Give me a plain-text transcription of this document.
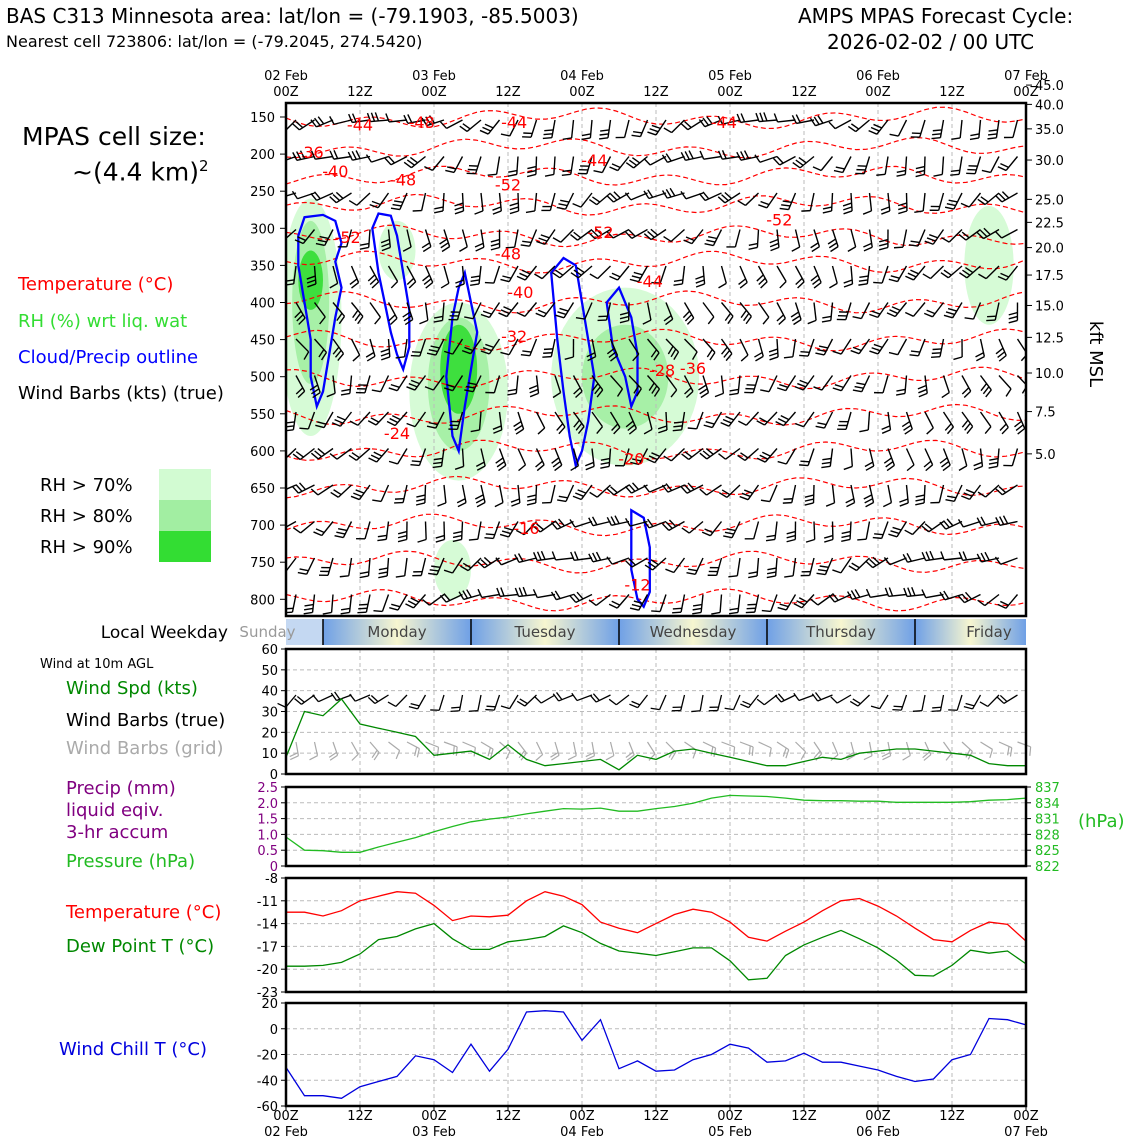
BAS C313 Minnesota area: lat/lon = (-79.1903, -85.5003)
Nearest cell 723806: lat/lon = (-79.2045, 274.5420)
AMPS MPAS Forecast Cycle:
2026-02-02 / 00 UTC
MPAS cell size:
~(4.4 km)$^2$
Temperature (°C)
RH (%) wrt liq. wat
Cloud/Precip outline
Wind Barbs (kts) (true)
RH > 70%
RH > 80%
RH > 90%
02 Feb	03 Feb	04 Feb	05 Feb	06 Feb	07 Feb
00Z	12Z	00Z	12Z	00Z	12Z	00Z	12Z	00Z	12Z	00Z
-44
-36
-40
-48	-44
-48	-52
-52
-44
-52
-48
-40
-44
-52
-44
-32
-36
-28
-24
-20
-16
-12
150
200
250
300
350
400
450
500
550
600
650
700
750
800
45.0
40.0
35.0
30.0
25.0
22.5
20.0
17.5
15.0
12.5
10.0
7.5
5.0
kft MSL
Local Weekday Sunday	Monday	Tuesday	Wednesday	Thursday	Friday
Wind at 10m AGL
Wind Spd (kts)
Wind Barbs (true)
Wind Barbs (grid)
0
10
20
30
40
50
60
Precip (mm)
liquid eqiv.
3-hr accum
Pressure (hPa)
(hPa)
0
0.5
1.0
1.5
2.0
2.5
822
825
828
831
834
837
Temperature (°C)
Dew Point T (°C)
-23
-20
-17
-14
-11
-8
Wind Chill T (°C)
-60
-40
-20
0
20
00Z	12Z	00Z	12Z	00Z	12Z	00Z	12Z	00Z	12Z	00Z
02 Feb	03 Feb	04 Feb	05 Feb	06 Feb	07 Feb
